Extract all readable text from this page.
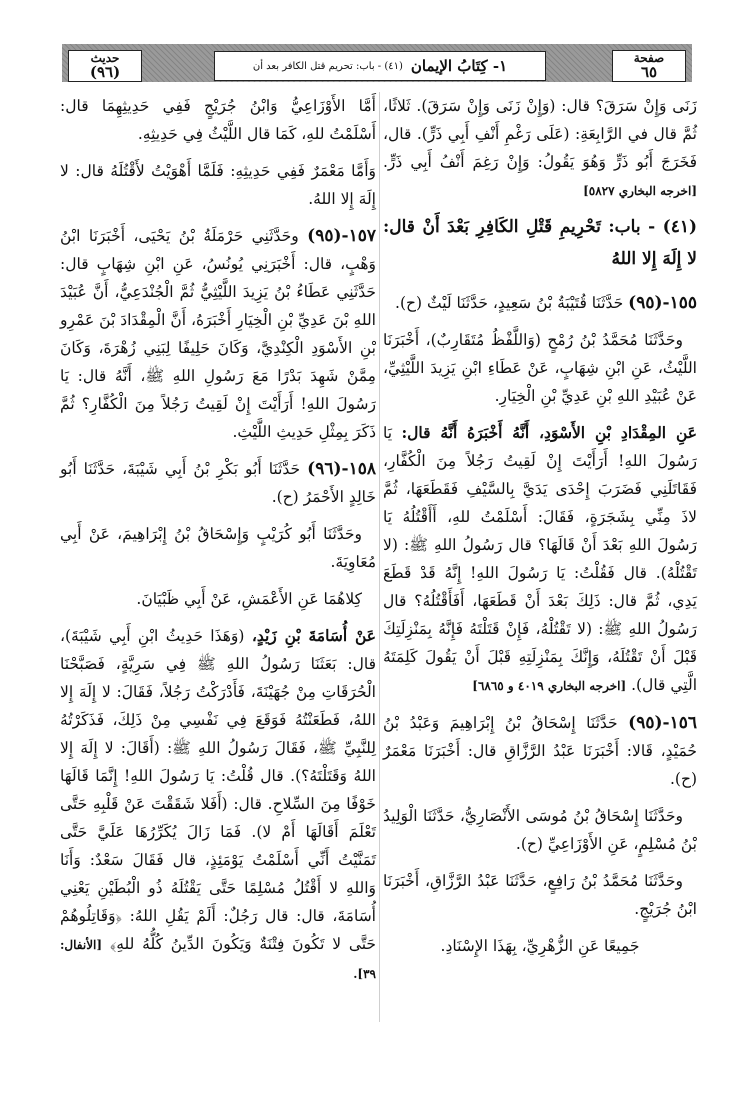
صفحة
٦٥
١- كِتَابُ الإيمان
(٤١) - باب: تحريم قتل الكافر بعد أن
حديث
(٩٦)

زَنَى وَإِنْ سَرَقَ؟ قال: (وَإِنْ زَنَى وَإِنْ سَرَقَ). ثَلاثًا، ثُمَّ قال في الرَّابِعَةِ: (عَلَى رَغْمِ أَنْفِ أَبِي ذَرٍّ). قال، فَخَرَجَ أَبُو ذَرٍّ وَهُوَ يَقُولُ: وَإِنْ رَغِمَ أَنْفُ أَبِي ذَرٍّ. [اخرجه البخاري ٥٨٢٧]

(٤١) - باب: تَحْرِيمِ قَتْلِ الكَافِرِ بَعْدَ أَنْ قال: لا إِلَهَ إِلا اللهُ

١٥٥-(٩٥) حَدَّثَنَا قُتَيْبَةُ بْنُ سَعِيدٍ، حَدَّثَنَا لَيْثٌ (ح).

وحَدَّثَنَا مُحَمَّدُ بْنُ رُمْحٍ (وَاللَّفْظُ مُتَقَارِبٌ)، أَخْبَرَنَا اللَّيْثُ، عَنِ ابْنِ شِهَابٍ، عَنْ عَطَاءِ ابْنِ يَزِيدَ اللَّيْثِيِّ، عَنْ عُبَيْدِ اللهِ بْنِ عَدِيِّ بْنِ الْخِيَارِ.

عَنِ المِقْدَادِ بْنِ الأَسْوَدِ، أَنَّهُ أَخْبَرَهُ أَنَّهُ قال: يَا رَسُولَ اللهِ! أَرَأَيْتَ إِنْ لَقِيتُ رَجُلاً مِنَ الْكُفَّارِ، فَقَاتَلَنِي فَضَرَبَ إِحْدَى يَدَيَّ بِالسَّيْفِ فَقَطَعَهَا، ثُمَّ لاذَ مِنِّي بِشَجَرَةٍ، فَقَالَ: أَسْلَمْتُ للهِ، أَأَقْتُلُهُ يَا رَسُولَ اللهِ بَعْدَ أَنْ قَالَهَا؟ قال رَسُولُ اللهِ ﷺ: (لا تَقْتُلْهُ). قال فَقُلْتُ: يَا رَسُولَ اللهِ! إِنَّهُ قَدْ قَطَعَ يَدِي، ثُمَّ قال: ذَلِكَ بَعْدَ أَنْ قَطَعَهَا، أَفَأَقْتُلُهُ؟ قال رَسُولُ اللهِ ﷺ: (لا تَقْتُلْهُ، فَإِنْ قَتَلْتَهُ فَإِنَّهُ بِمَنْزِلَتِكَ قَبْلَ أَنْ تَقْتُلَهُ، وَإِنَّكَ بِمَنْزِلَتِهِ قَبْلَ أَنْ يَقُولَ كَلِمَتَهُ الَّتِي قال). [اخرجه البخاري ٤٠١٩ و ٦٨٦٥]

١٥٦-(٩٥) حَدَّثَنَا إِسْحَاقُ بْنُ إِبْرَاهِيمَ وَعَبْدُ بْنُ حُمَيْدٍ، قَالا: أَخْبَرَنَا عَبْدُ الرَّزَّاقِ قال: أَخْبَرَنَا مَعْمَرٌ (ح).

وحَدَّثَنَا إِسْحَاقُ بْنُ مُوسَى الأَنْصَارِيُّ، حَدَّثَنَا الْوَلِيدُ بْنُ مُسْلِمٍ، عَنِ الأَوْزَاعِيِّ (ح).

وحَدَّثَنَا مُحَمَّدُ بْنُ رَافِعٍ، حَدَّثَنَا عَبْدُ الرَّزَّاقِ، أَخْبَرَنَا ابْنُ جُرَيْجٍ.

جَمِيعًا عَنِ الزُّهْرِيِّ، بِهَذَا الإِسْنَادِ.

أَمَّا الأَوْزَاعِيُّ وَابْنُ جُرَيْجٍ فَفِي حَدِيثِهِمَا قال: أَسْلَمْتُ للهِ، كَمَا قال اللَّيْثُ فِي حَدِيثِهِ.

وَأَمَّا مَعْمَرٌ فَفِي حَدِيثِهِ: فَلَمَّا أَهْوَيْتُ لأَقْتُلَهُ قال: لا إِلَهَ إِلا اللهُ.

١٥٧-(٩٥) وحَدَّثَنِي حَرْمَلَةُ بْنُ يَحْيَى، أَخْبَرَنَا ابْنُ وَهْبٍ، قال: أَخْبَرَنِي يُونُسُ، عَنِ ابْنِ شِهَابٍ قال: حَدَّثَنِي عَطَاءُ بْنُ يَزِيدَ اللَّيْثِيُّ ثُمَّ الْجُنْدَعِيُّ، أَنَّ عُبَيْدَ اللهِ بْنَ عَدِيِّ بْنِ الْخِيَارِ أَخْبَرَهُ، أَنَّ الْمِقْدَادَ بْنَ عَمْرِو بْنِ الأَسْوَدِ الْكِنْدِيَّ، وَكَانَ حَلِيفًا لِبَنِي زُهْرَةَ، وَكَانَ مِمَّنْ شَهِدَ بَدْرًا مَعَ رَسُولِ اللهِ ﷺ، أَنَّهُ قال: يَا رَسُولَ اللهِ! أَرَأَيْتَ إِنْ لَقِيتُ رَجُلاً مِنَ الْكُفَّارِ؟ ثُمَّ ذَكَرَ بِمِثْلِ حَدِيثِ اللَّيْثِ.

١٥٨-(٩٦) حَدَّثَنَا أَبُو بَكْرِ بْنُ أَبِي شَيْبَةَ، حَدَّثَنَا أَبُو خَالِدٍ الأَحْمَرُ (ح).

وحَدَّثَنَا أَبُو كُرَيْبٍ وَإِسْحَاقُ بْنُ إِبْرَاهِيمَ، عَنْ أَبِي مُعَاوِيَةَ.

كِلاهُمَا عَنِ الأَعْمَشِ، عَنْ أَبِي ظَبْيَانَ.

عَنْ أُسَامَةَ بْنِ زَيْدٍ، (وَهَذَا حَدِيثُ ابْنِ أَبِي شَيْبَةَ)، قال: بَعَثَنَا رَسُولُ اللهِ ﷺ فِي سَرِيَّةٍ، فَصَبَّحْنَا الْحُرَقَاتِ مِنْ جُهَيْنَةَ، فَأَدْرَكْتُ رَجُلاً، فَقَالَ: لا إِلَهَ إِلا اللهُ، فَطَعَنْتُهُ فَوَقَعَ فِي نَفْسِي مِنْ ذَلِكَ، فَذَكَرْتُهُ لِلنَّبِيِّ ﷺ، فَقَالَ رَسُولُ اللهِ ﷺ: (أَقَالَ: لا إِلَهَ إِلا اللهُ وَقَتَلْتَهُ؟). قال قُلْتُ: يَا رَسُولَ اللهِ! إِنَّمَا قَالَهَا خَوْفًا مِنَ السِّلاحِ. قال: (أَفَلا شَقَقْتَ عَنْ قَلْبِهِ حَتَّى تَعْلَمَ أَقَالَهَا أَمْ لا). فَمَا زَالَ يُكَرِّرُهَا عَلَيَّ حَتَّى تَمَنَّيْتُ أَنِّي أَسْلَمْتُ يَوْمَئِذٍ، قال فَقَالَ سَعْدٌ: وَأَنَا وَاللهِ لا أَقْتُلُ مُسْلِمًا حَتَّى يَقْتُلَهُ ذُو الْبُطَيْنِ يَعْنِي أُسَامَةَ، قال: قال رَجُلٌ: أَلَمْ يَقُلِ اللهُ: ﴿وَقَاتِلُوهُمْ حَتَّى لا تَكُونَ فِتْنَةٌ وَيَكُونَ الدِّينُ كُلُّهُ للهِ﴾ [الأنفال: ٣٩].
